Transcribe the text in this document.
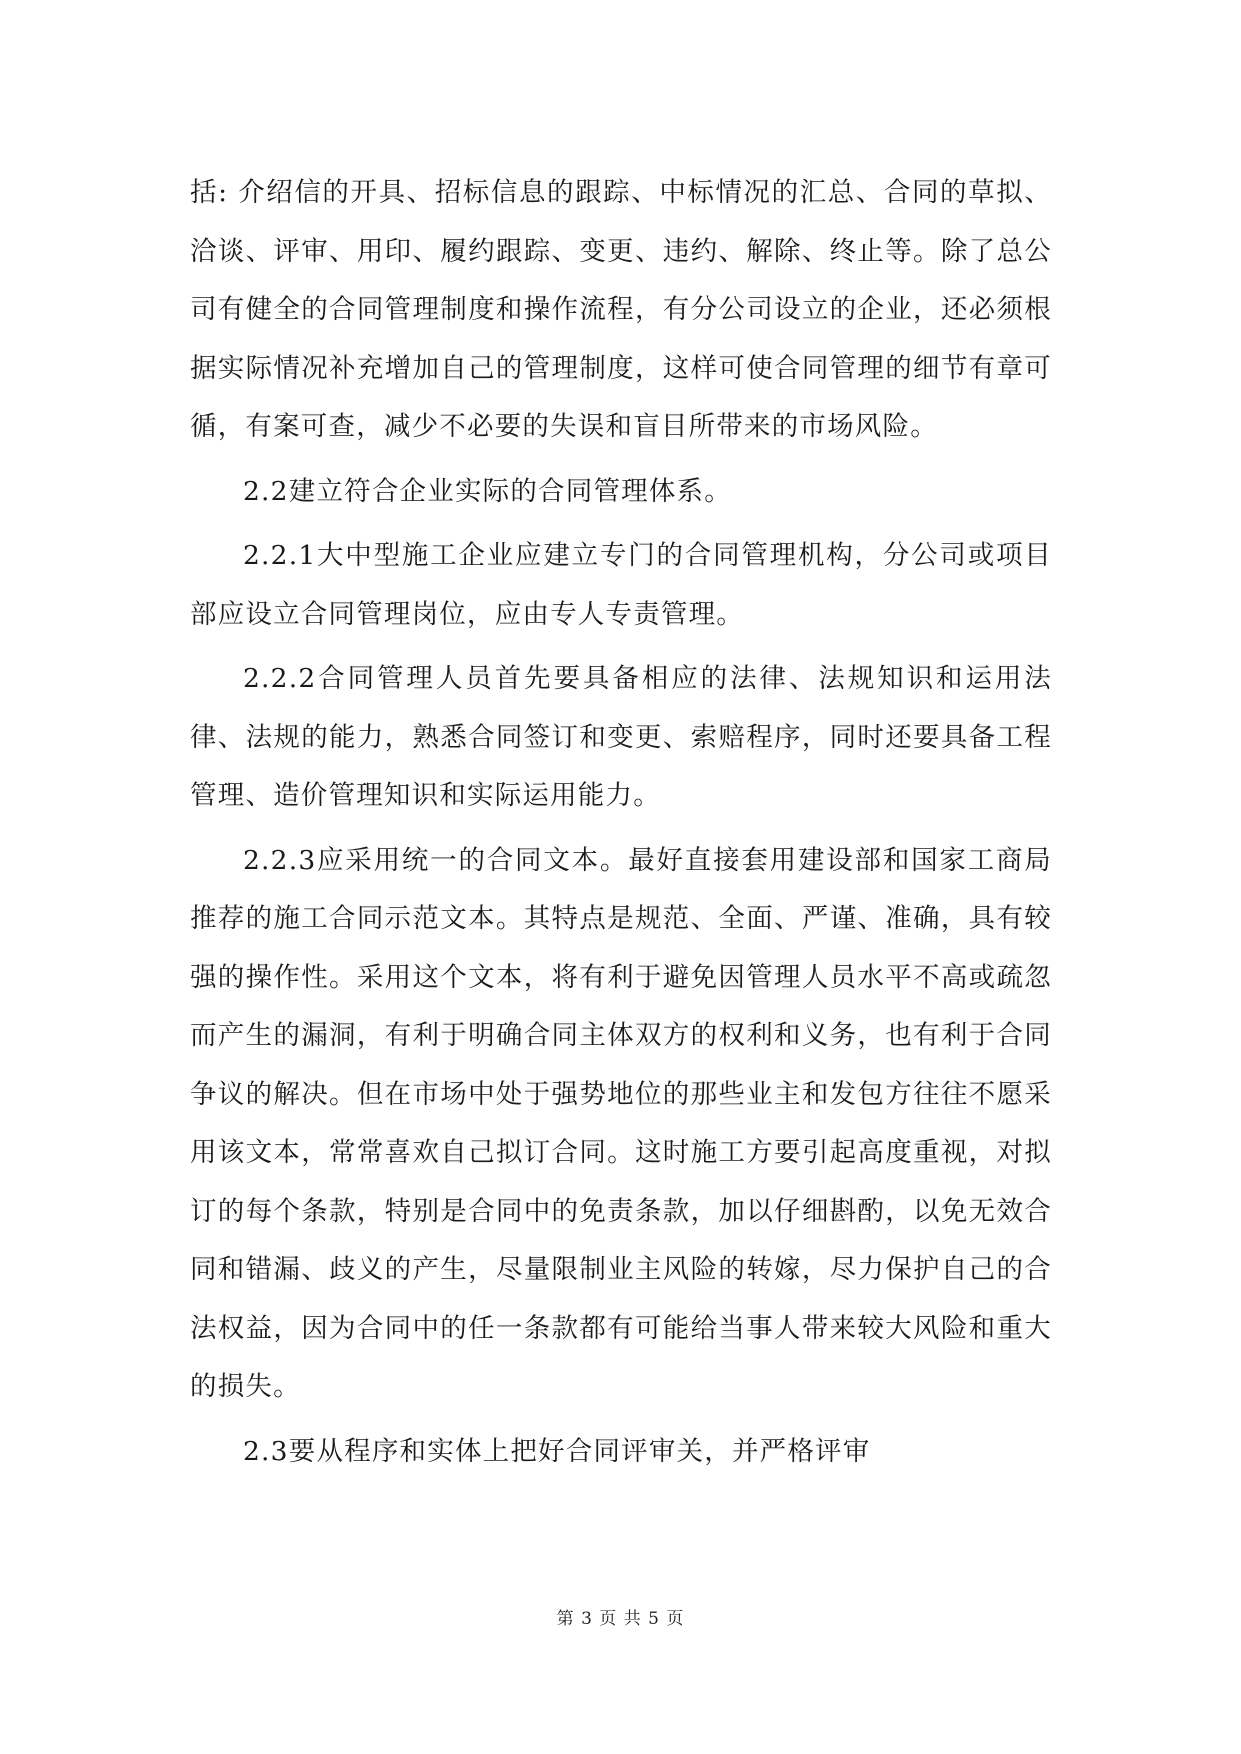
括: 介绍信的开具、招标信息的跟踪、中标情况的汇总、合同的草拟、洽谈、评审、用印、履约跟踪、变更、违约、解除、终止等。除了总公司有健全的合同管理制度和操作流程，有分公司设立的企业，还必须根据实际情况补充增加自己的管理制度，这样可使合同管理的细节有章可循，有案可查，减少不必要的失误和盲目所带来的市场风险。

2.2建立符合企业实际的合同管理体系。

2.2.1大中型施工企业应建立专门的合同管理机构，分公司或项目部应设立合同管理岗位，应由专人专责管理。

2.2.2合同管理人员首先要具备相应的法律、法规知识和运用法律、法规的能力，熟悉合同签订和变更、索赔程序，同时还要具备工程管理、造价管理知识和实际运用能力。

2.2.3应采用统一的合同文本。最好直接套用建设部和国家工商局推荐的施工合同示范文本。其特点是规范、全面、严谨、准确，具有较强的操作性。采用这个文本，将有利于避免因管理人员水平不高或疏忽而产生的漏洞，有利于明确合同主体双方的权利和义务，也有利于合同争议的解决。但在市场中处于强势地位的那些业主和发包方往往不愿采用该文本，常常喜欢自己拟订合同。这时施工方要引起高度重视，对拟订的每个条款，特别是合同中的免责条款，加以仔细斟酌，以免无效合同和错漏、歧义的产生，尽量限制业主风险的转嫁，尽力保护自己的合法权益，因为合同中的任一条款都有可能给当事人带来较大风险和重大的损失。

2.3要从程序和实体上把好合同评审关，并严格评审

第 3 页 共 5 页
